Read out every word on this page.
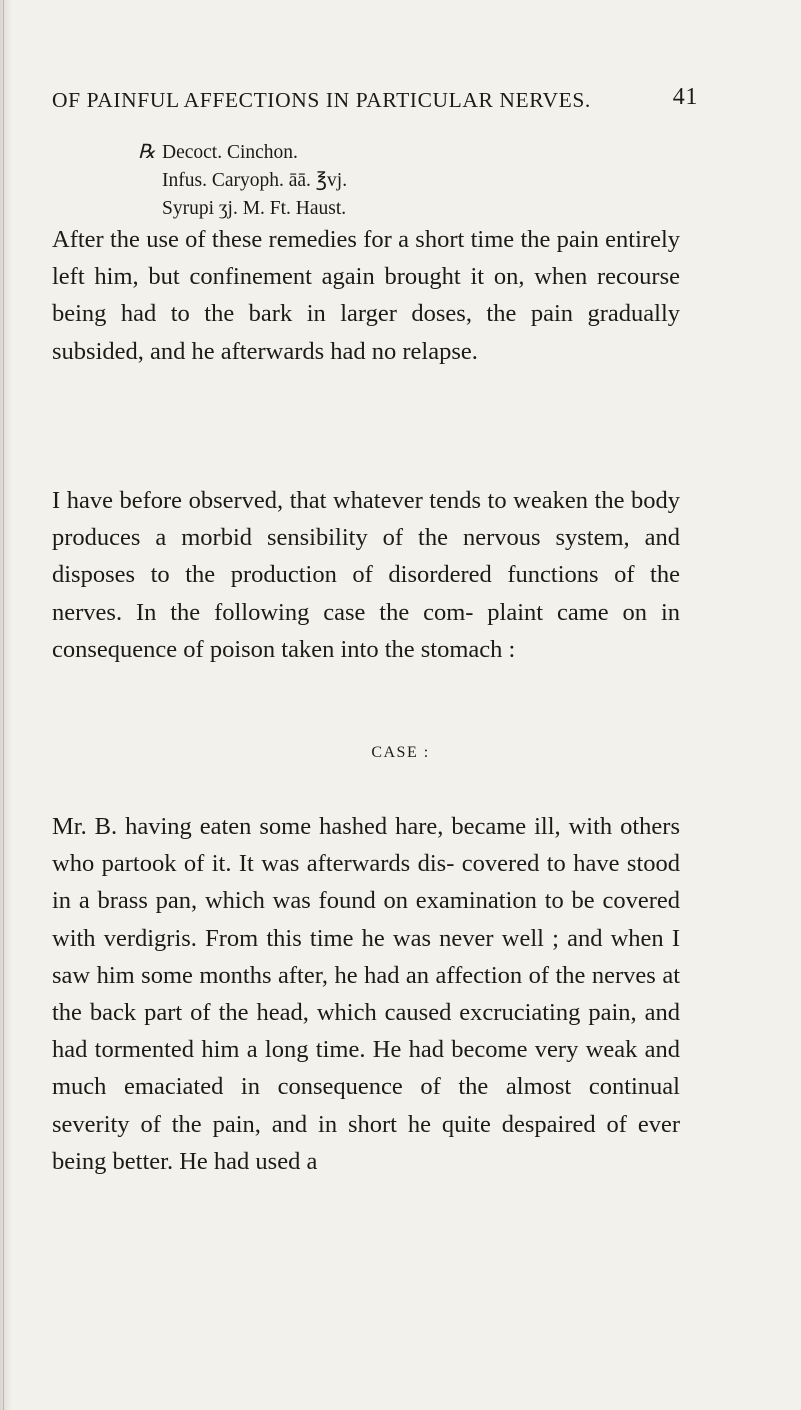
OF PAINFUL AFFECTIONS IN PARTICULAR NERVES.	41
℞ Decoct. Cinchon.
Infus. Caryoph. āā. ℥vj.
Syrupi ʒj. M. Ft. Haust.

After the use of these remedies for a short time the pain entirely left him, but confinement again brought it on, when recourse being had to the bark in larger doses, the pain gradually subsided, and he afterwards had no relapse.

I have before observed, that whatever tends to weaken the body produces a morbid sensibility of the nervous system, and disposes to the production of disordered functions of the nerves. In the following case the com- plaint came on in consequence of poison taken into the stomach :

CASE :

Mr. B. having eaten some hashed hare, became ill, with others who partook of it. It was afterwards dis- covered to have stood in a brass pan, which was found on examination to be covered with verdigris. From this time he was never well ; and when I saw him some months after, he had an affection of the nerves at the back part of the head, which caused excruciating pain, and had tormented him a long time. He had become very weak and much emaciated in consequence of the almost continual severity of the pain, and in short he quite despaired of ever being better. He had used a
